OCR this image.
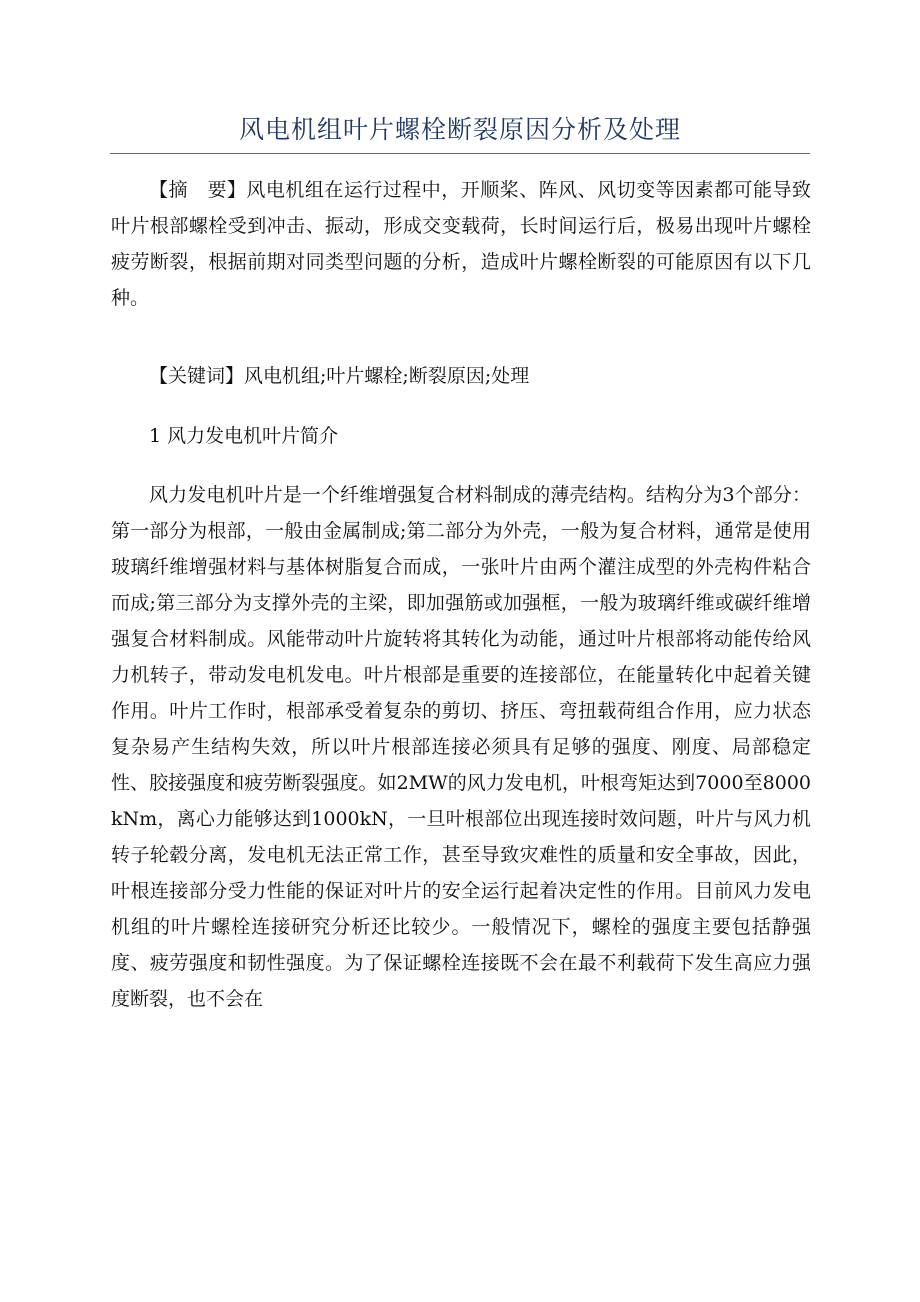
风电机组叶片螺栓断裂原因分析及处理

【摘　要】风电机组在运行过程中，开顺桨、阵风、风切变等因素都可能导致叶片根部螺栓受到冲击、振动，形成交变载荷，长时间运行后，极易出现叶片螺栓疲劳断裂，根据前期对同类型问题的分析，造成叶片螺栓断裂的可能原因有以下几种。

【关键词】风电机组;叶片螺栓;断裂原因;处理

1 风力发电机叶片简介

风力发电机叶片是一个纤维增强复合材料制成的薄壳结构。结构分为3个部分：第一部分为根部，一般由金属制成;第二部分为外壳，一般为复合材料，通常是使用玻璃纤维增强材料与基体树脂复合而成，一张叶片由两个灌注成型的外壳构件粘合而成;第三部分为支撑外壳的主梁，即加强筋或加强框，一般为玻璃纤维或碳纤维增强复合材料制成。风能带动叶片旋转将其转化为动能，通过叶片根部将动能传给风力机转子，带动发电机发电。叶片根部是重要的连接部位，在能量转化中起着关键作用。叶片工作时，根部承受着复杂的剪切、挤压、弯扭载荷组合作用，应力状态复杂易产生结构失效，所以叶片根部连接必须具有足够的强度、刚度、局部稳定性、胶接强度和疲劳断裂强度。如2MW的风力发电机，叶根弯矩达到7000至8000kNm，离心力能够达到1000kN，一旦叶根部位出现连接时效问题，叶片与风力机转子轮毂分离，发电机无法正常工作，甚至导致灾难性的质量和安全事故，因此，叶根连接部分受力性能的保证对叶片的安全运行起着决定性的作用。目前风力发电机组的叶片螺栓连接研究分析还比较少。一般情况下，螺栓的强度主要包括静强度、疲劳强度和韧性强度。为了保证螺栓连接既不会在最不利载荷下发生高应力强度断裂，也不会在
